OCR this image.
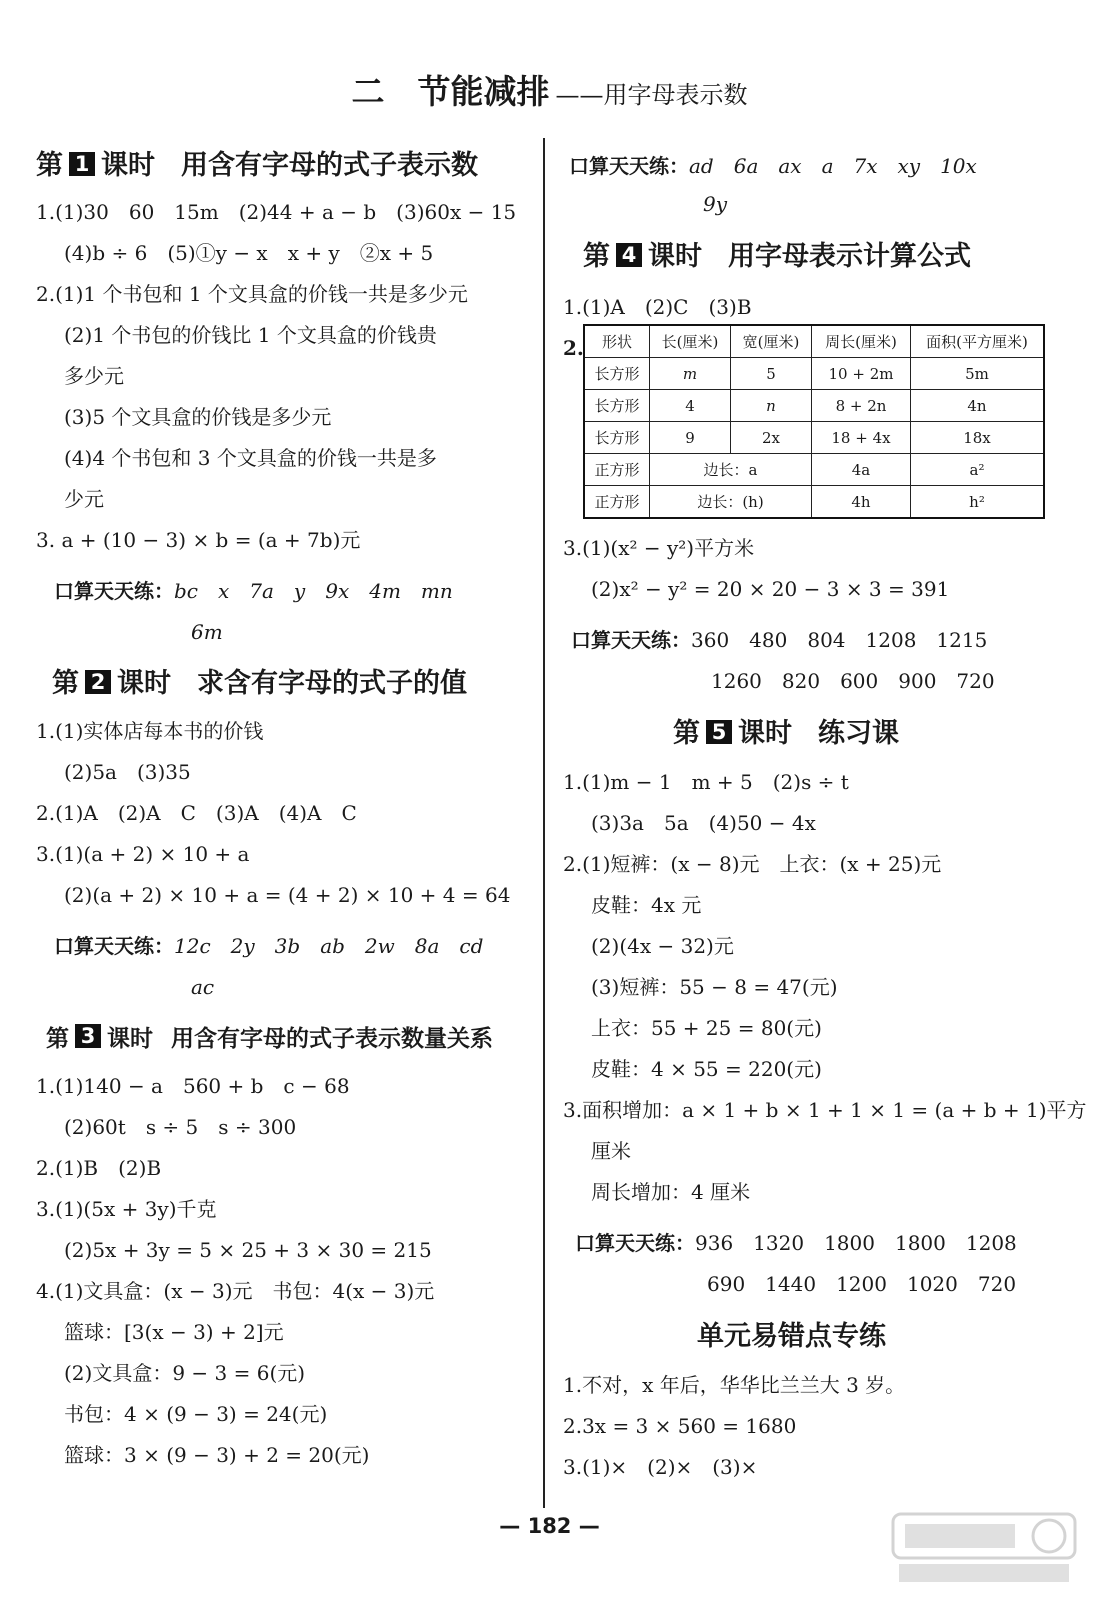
二　节能减排 ——用字母表示数
第 1 课时 用含有字母的式子表示数
1.(1)30　60　15m　(2)44 + a − b　(3)60x − 15
(4)b ÷ 6　(5)①y − x　x + y　②x + 5
2.(1)1 个书包和 1 个文具盒的价钱一共是多少元
(2)1 个书包的价钱比 1 个文具盒的价钱贵
多少元
(3)5 个文具盒的价钱是多少元
(4)4 个书包和 3 个文具盒的价钱一共是多
少元
3. a + (10 − 3) × b = (a + 7b)元
口算天天练：bc　x　7a　y　9x　4m　mn
6m
第 2 课时 求含有字母的式子的值
1.(1)实体店每本书的价钱
(2)5a　(3)35
2.(1)A　(2)A　C　(3)A　(4)A　C
3.(1)(a + 2) × 10 + a
(2)(a + 2) × 10 + a = (4 + 2) × 10 + 4 = 64
口算天天练：12c　2y　3b　ab　2w　8a　cd
ac
第 3 课时 用含有字母的式子表示数量关系
1.(1)140 − a　560 + b　c − 68
(2)60t　s ÷ 5　s ÷ 300
2.(1)B　(2)B
3.(1)(5x + 3y)千克
(2)5x + 3y = 5 × 25 + 3 × 30 = 215
4.(1)文具盒：(x − 3)元　书包：4(x − 3)元
篮球：[3(x − 3) + 2]元
(2)文具盒：9 − 3 = 6(元)
书包：4 × (9 − 3) = 24(元)
篮球：3 × (9 − 3) + 2 = 20(元)
口算天天练：ad　6a　ax　a　7x　xy　10x
9y
第 4 课时 用字母表示计算公式
1.(1)A　(2)C　(3)B
2. 形状	长(厘米)	宽(厘米)	周长(厘米)	面积(平方厘米)
长方形	m	5	10 + 2m	5m
长方形	4	n	8 + 2n	4n
长方形	9	2x	18 + 4x	18x
正方形	边长：a		4a	a²
正方形	边长：(h)		4h	h²
3.(1)(x² − y²)平方米
(2)x² − y² = 20 × 20 − 3 × 3 = 391
口算天天练：360　480　804　1208　1215
1260　820　600　900　720
第 5 课时 练习课
1.(1)m − 1　m + 5　(2)s ÷ t
(3)3a　5a　(4)50 − 4x
2.(1)短裤：(x − 8)元　上衣：(x + 25)元
皮鞋：4x 元
(2)(4x − 32)元
(3)短裤：55 − 8 = 47(元)
上衣：55 + 25 = 80(元)
皮鞋：4 × 55 = 220(元)
3.面积增加：a × 1 + b × 1 + 1 × 1 = (a + b + 1)平方
厘米
周长增加：4 厘米
口算天天练：936　1320　1800　1800　1208
690　1440　1200　1020　720
单元易错点专练
1.不对，x 年后，华华比兰兰大 3 岁。
2.3x = 3 × 560 = 1680
3.(1)×　(2)×　(3)×
— 182 —
